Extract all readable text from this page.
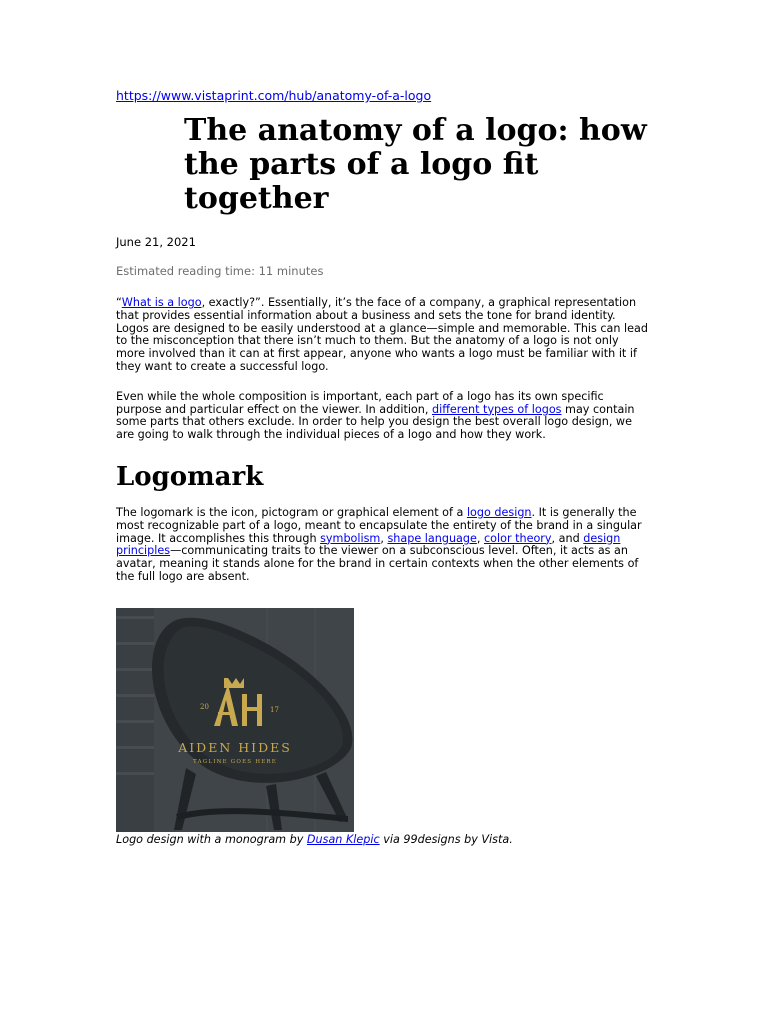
https://www.vistaprint.com/hub/anatomy-of-a-logo
The anatomy of a logo: how the parts of a logo fit together
June 21, 2021
Estimated reading time: 11 minutes

“What is a logo, exactly?”. Essentially, it’s the face of a company, a graphical representation that provides essential information about a business and sets the tone for brand identity. Logos are designed to be easily understood at a glance—simple and memorable. This can lead to the misconception that there isn’t much to them. But the anatomy of a logo is not only more involved than it can at first appear, anyone who wants a logo must be familiar with it if they want to create a successful logo.

Even while the whole composition is important, each part of a logo has its own specific purpose and particular effect on the viewer. In addition, different types of logos may contain some parts that others exclude. In order to help you design the best overall logo design, we are going to walk through the individual pieces of a logo and how they work.

Logomark

The logomark is the icon, pictogram or graphical element of a logo design. It is generally the most recognizable part of a logo, meant to encapsulate the entirety of the brand in a singular image. It accomplishes this through symbolism, shape language, color theory, and design principles—communicating traits to the viewer on a subconscious level. Often, it acts as an avatar, meaning it stands alone for the brand in certain contexts when the other elements of the full logo are absent.

20	17
AIDEN HIDES
TAGLINE GOES HERE
Logo design with a monogram by Dusan Klepic via 99designs by Vista.
